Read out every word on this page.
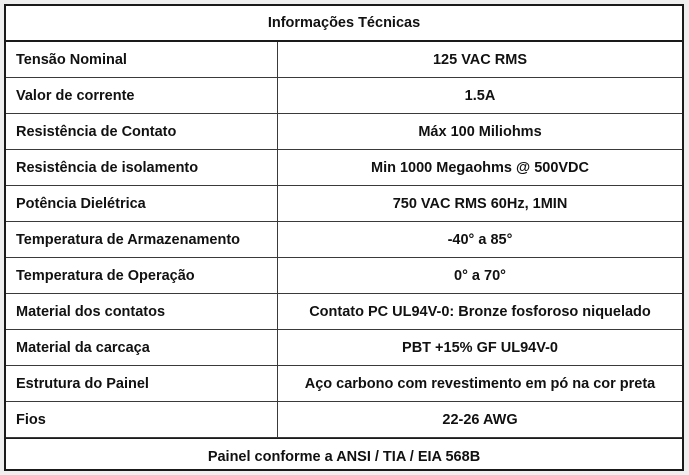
Informações Técnicas
Tensão Nominal	125 VAC RMS
Valor de corrente	1.5A
Resistência de Contato	Máx 100 Miliohms
Resistência de isolamento	Min 1000 Megaohms @ 500VDC
Potência Dielétrica	750 VAC RMS 60Hz, 1MIN
Temperatura de Armazenamento	-40° a 85°
Temperatura de Operação	0° a 70°
Material dos contatos	Contato PC UL94V-0: Bronze fosforoso niquelado
Material da carcaça	PBT +15% GF UL94V-0
Estrutura do Painel	Aço carbono com revestimento em pó na cor preta
Fios	22-26 AWG
Painel conforme a ANSI / TIA / EIA 568B
